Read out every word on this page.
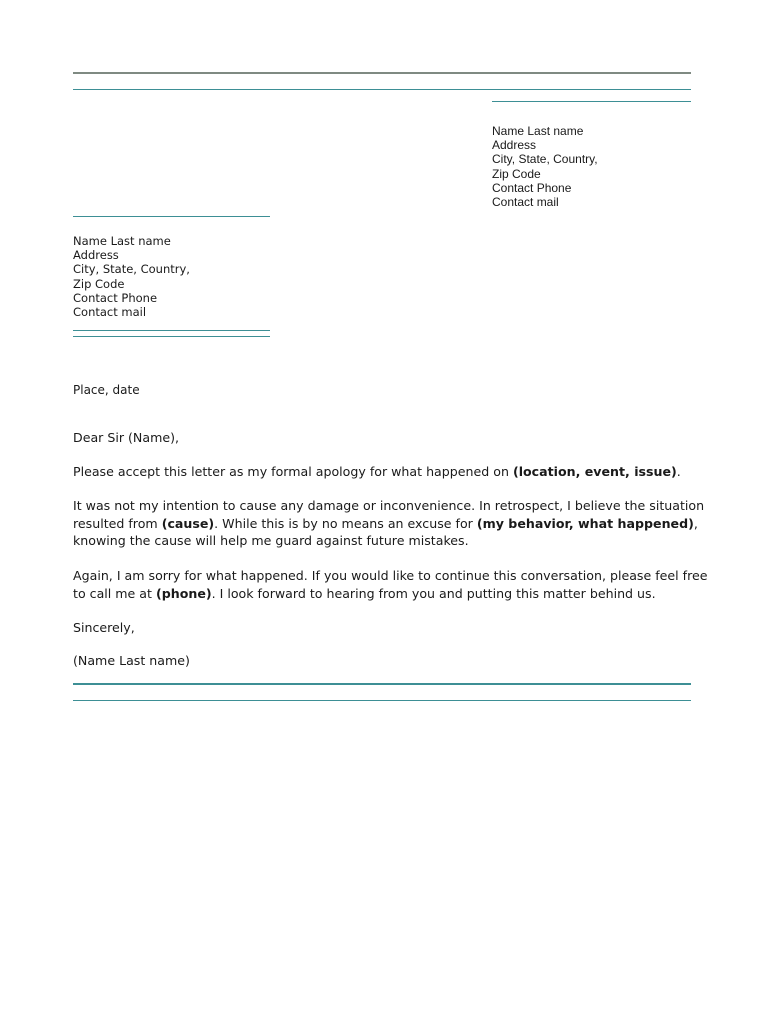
Name Last name
Address
City, State, Country,
Zip Code
Contact Phone
Contact mail
Name Last name
Address
City, State, Country,
Zip Code
Contact Phone
Contact mail
Place, date
Dear Sir (Name),
Please accept this letter as my formal apology for what happened on (location, event, issue).
It was not my intention to cause any damage or inconvenience. In retrospect, I believe the situation resulted from (cause). While this is by no means an excuse for (my behavior, what happened), knowing the cause will help me guard against future mistakes.
Again, I am sorry for what happened. If you would like to continue this conversation, please feel free to call me at (phone). I look forward to hearing from you and putting this matter behind us.
Sincerely,
(Name Last name)
